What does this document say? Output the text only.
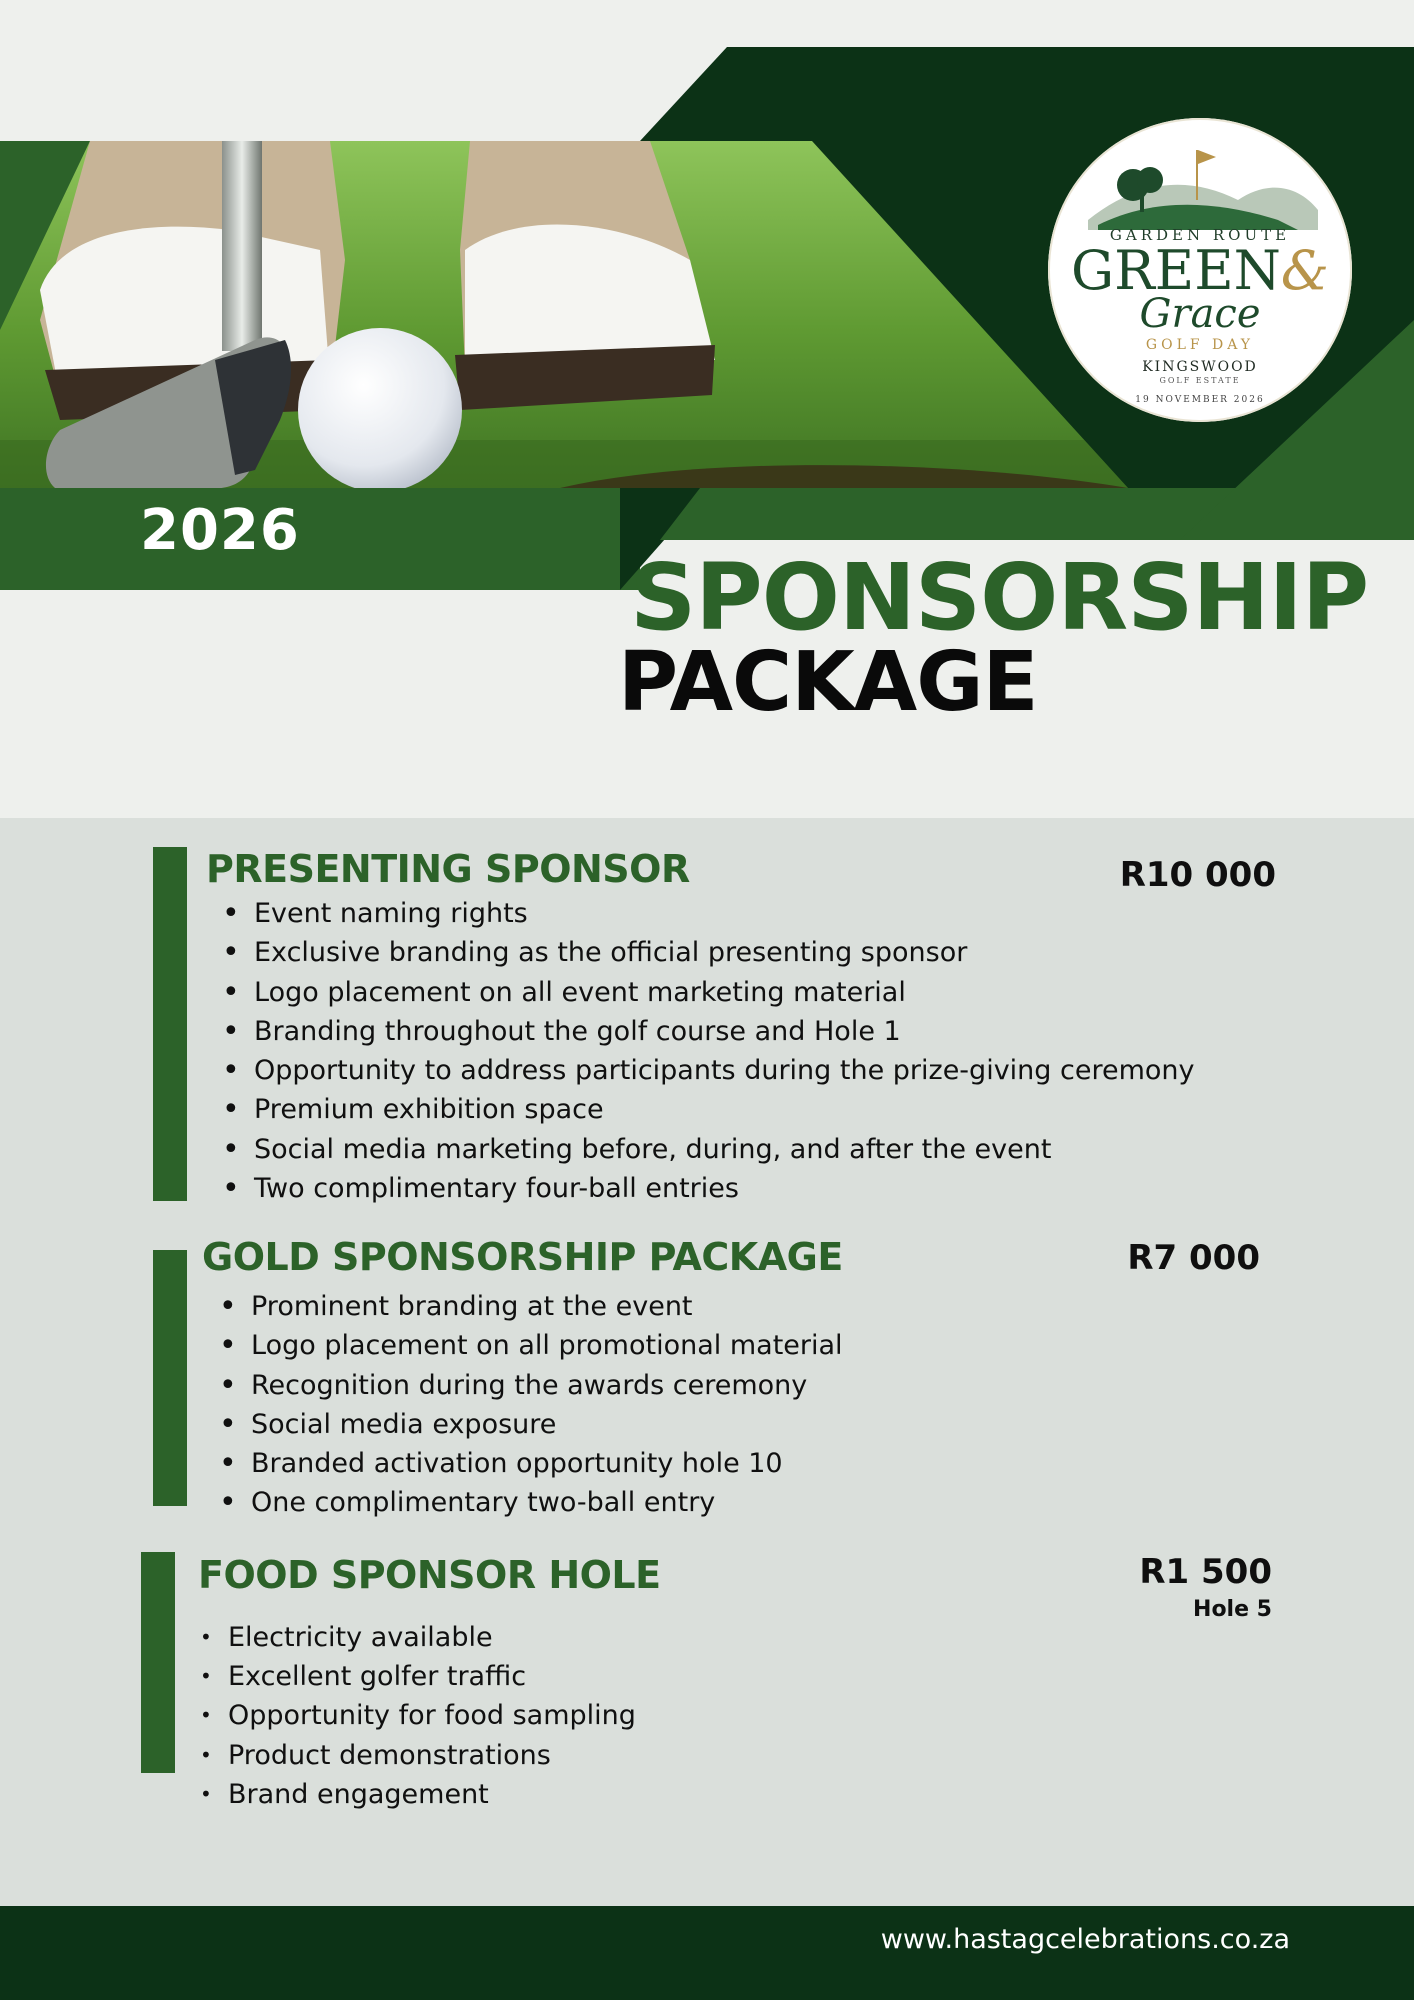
2026
GARDEN ROUTE
GREEN&
Grace
GOLF DAY
KINGSWOOD
GOLF ESTATE
19 NOVEMBER 2026
SPONSORSHIP
PACKAGE
PRESENTING SPONSOR	R10 000
• Event naming rights
• Exclusive branding as the official presenting sponsor
• Logo placement on all event marketing material
• Branding throughout the golf course and Hole 1
• Opportunity to address participants during the prize-giving ceremony
• Premium exhibition space
• Social media marketing before, during, and after the event
• Two complimentary four-ball entries
GOLD SPONSORSHIP PACKAGE	R7 000
• Prominent branding at the event
• Logo placement on all promotional material
• Recognition during the awards ceremony
• Social media exposure
• Branded activation opportunity hole 10
• One complimentary two-ball entry
FOOD SPONSOR HOLE	R1 500
Hole 5
• Electricity available
• Excellent golfer traffic
• Opportunity for food sampling
• Product demonstrations
• Brand engagement
www.hastagcelebrations.co.za
